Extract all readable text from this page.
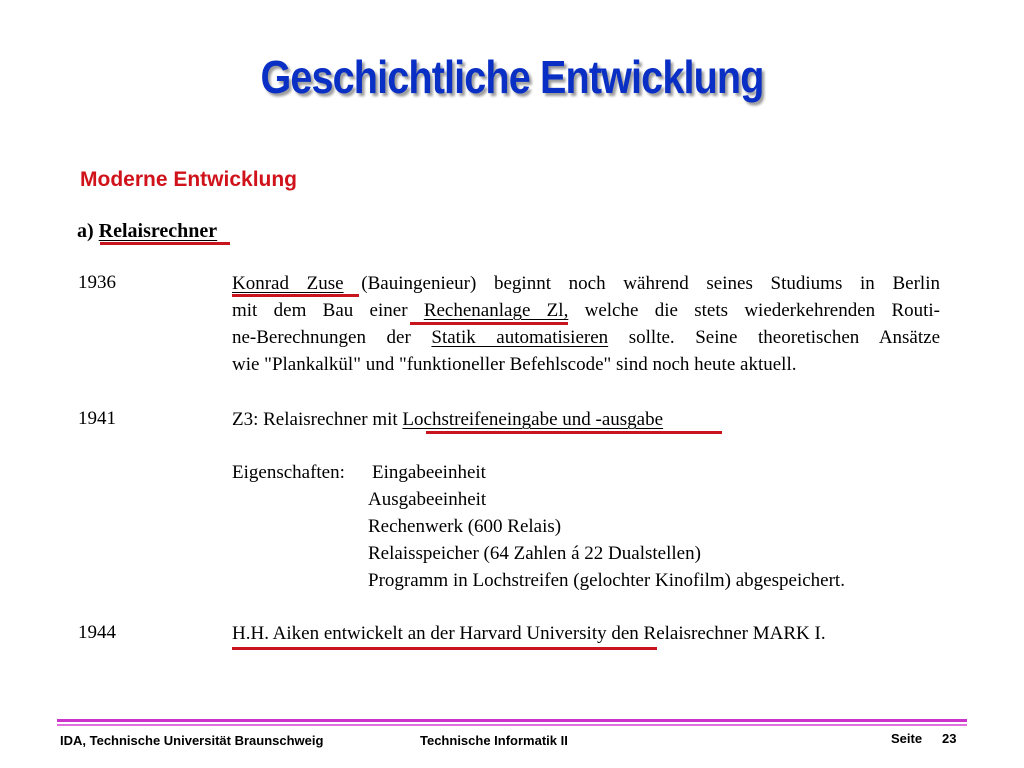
Geschichtliche Entwicklung
Moderne Entwicklung
a) Relaisrechner
1936	Konrad Zuse (Bauingenieur) beginnt noch während seines Studiums in Berlin
mit dem Bau einer Rechenanlage Zl, welche die stets wiederkehrenden Routi-
ne-Berechnungen der Statik automatisieren sollte. Seine theoretischen Ansätze
wie "Plankalkül" und "funktioneller Befehlscode" sind noch heute aktuell.
1941	Z3: Relaisrechner mit Lochstreifeneingabe und -ausgabe
Eigenschaften: Eingabeeinheit
Ausgabeeinheit
Rechenwerk (600 Relais)
Relaisspeicher (64 Zahlen á 22 Dualstellen)
Programm in Lochstreifen (gelochter Kinofilm) abgespeichert.
1944	H.H. Aiken entwickelt an der Harvard University den Relaisrechner MARK I.
IDA, Technische Universität Braunschweig	Technische Informatik II	Seite 23
